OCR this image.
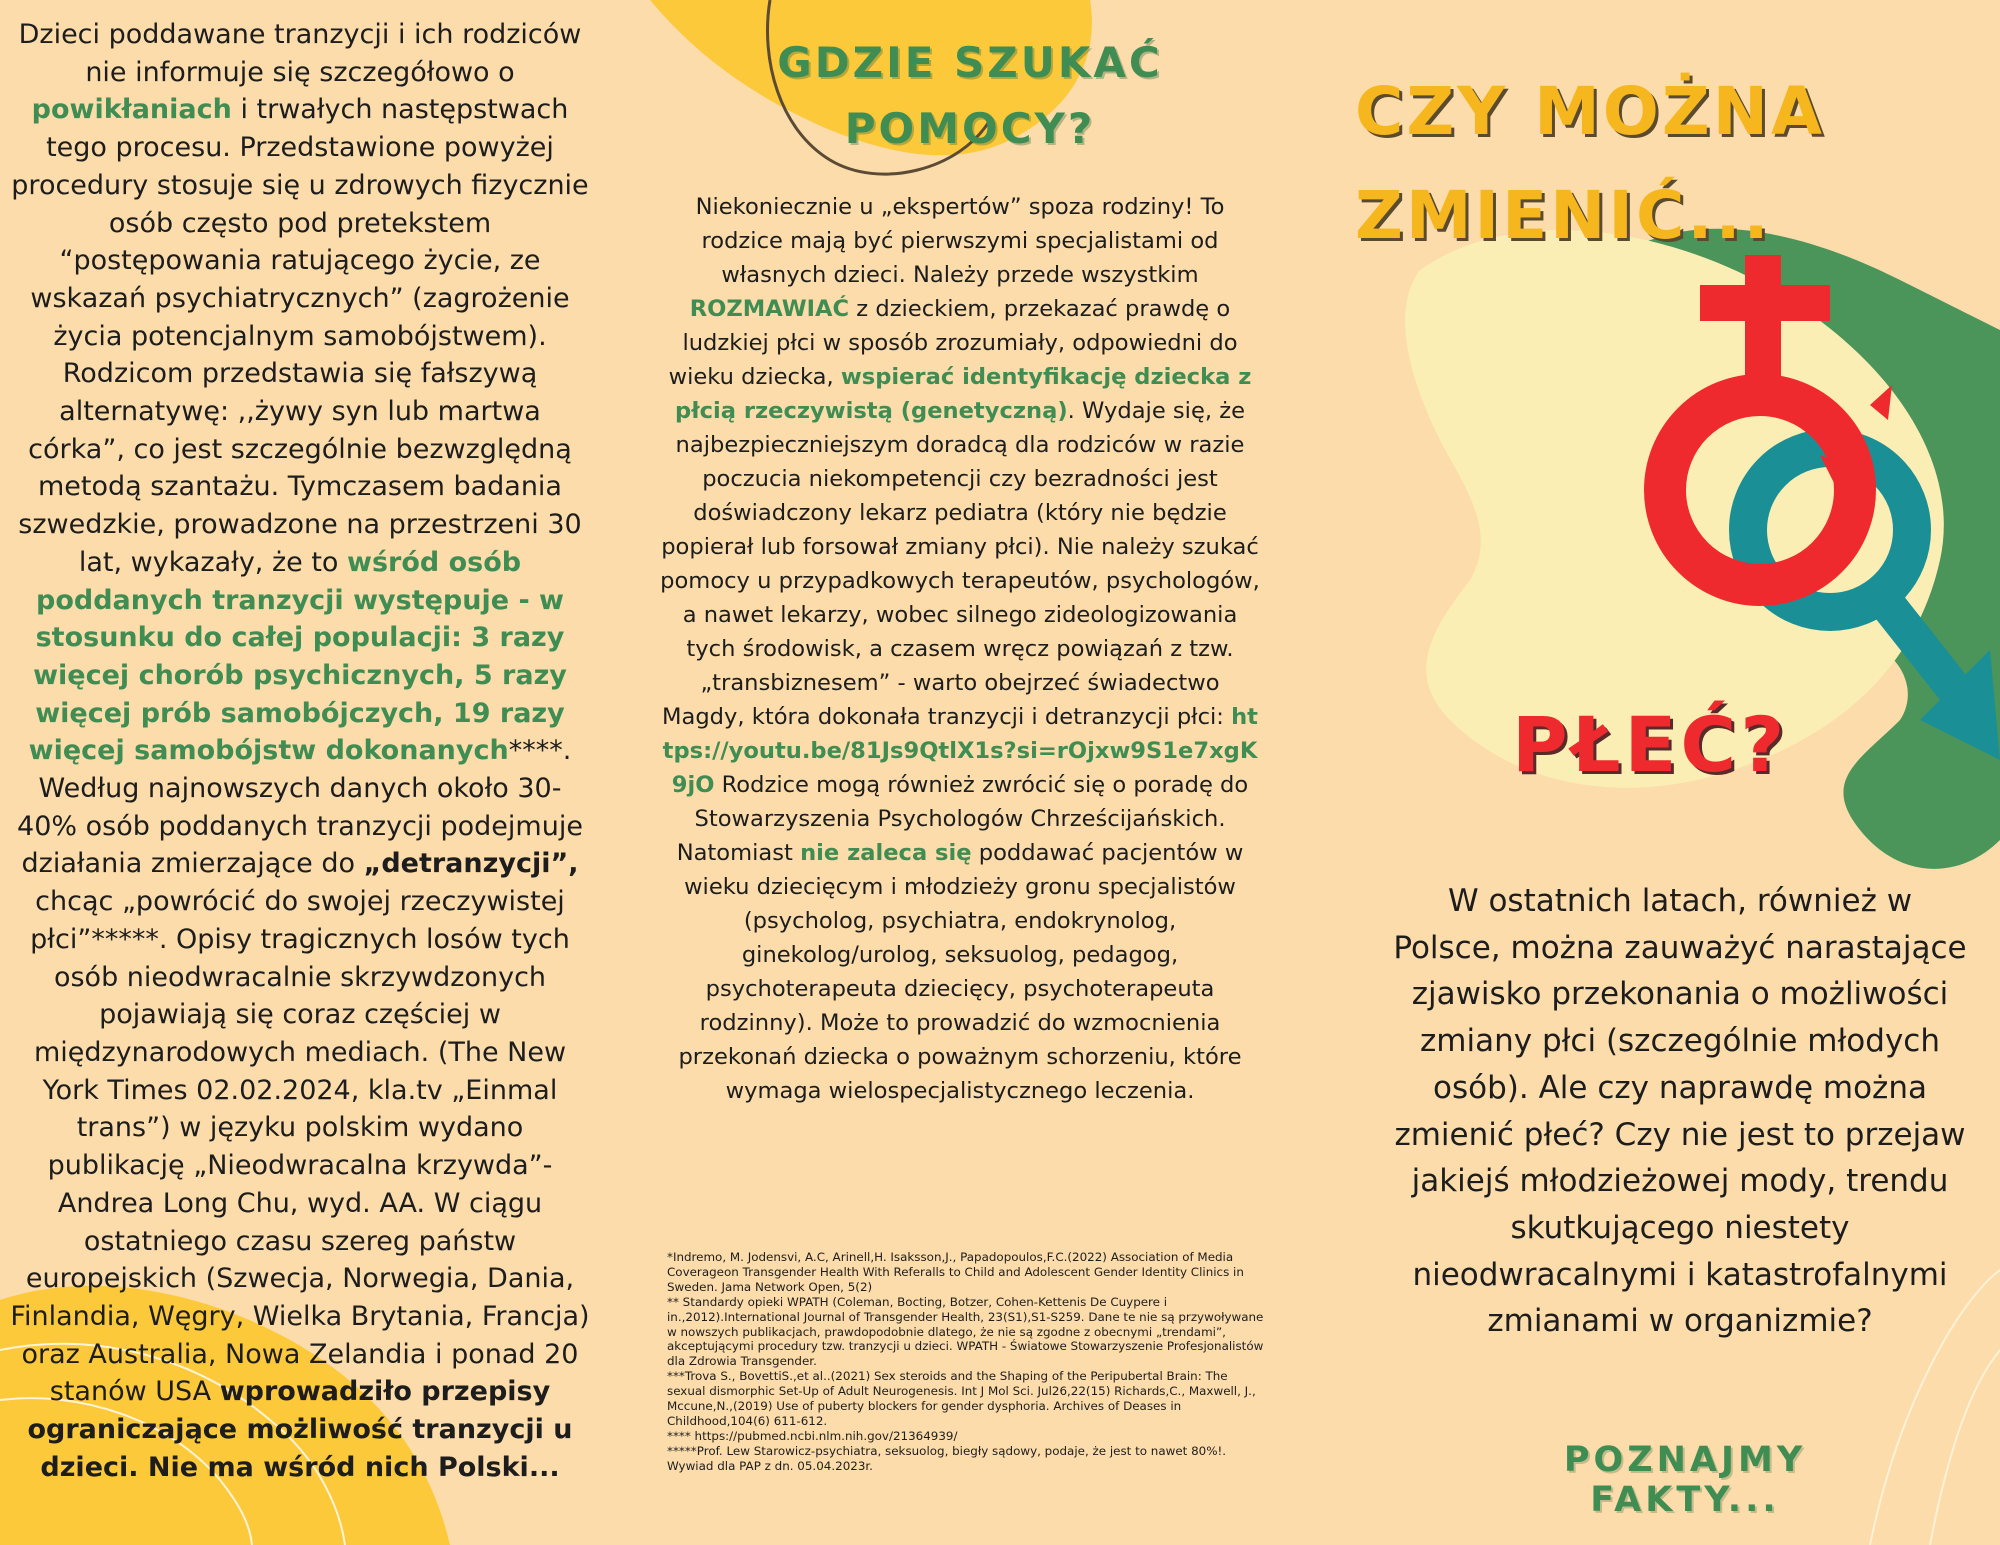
Dzieci poddawane tranzycji i ich rodziców nie informuje się szczegółowo o powikłaniach i trwałych następstwach tego procesu. Przedstawione powyżej procedury stosuje się u zdrowych fizycznie osób często pod pretekstem “postępowania ratującego życie, ze wskazań psychiatrycznych” (zagrożenie życia potencjalnym samobójstwem). Rodzicom przedstawia się fałszywą alternatywę: ,,żywy syn lub martwa córka”, co jest szczególnie bezwzględną metodą szantażu. Tymczasem badania szwedzkie, prowadzone na przestrzeni 30 lat, wykazały, że to wśród osób poddanych tranzycji występuje - w stosunku do całej populacji: 3 razy więcej chorób psychicznych, 5 razy więcej prób samobójczych, 19 razy więcej samobójstw dokonanych****. Według najnowszych danych około 30-40% osób poddanych tranzycji podejmuje działania zmierzające do „detranzycji”, chcąc „powrócić do swojej rzeczywistej płci”*****. Opisy tragicznych losów tych osób nieodwracalnie skrzywdzonych pojawiają się coraz częściej w międzynarodowych mediach. (The New York Times 02.02.2024, kla.tv „Einmal trans”) w języku polskim wydano publikację „Nieodwracalna krzywda”- Andrea Long Chu, wyd. AA. W ciągu ostatniego czasu szereg państw europejskich (Szwecja, Norwegia, Dania, Finlandia, Węgry, Wielka Brytania, Francja) oraz Australia, Nowa Zelandia i ponad 20 stanów USA wprowadziło przepisy ograniczające możliwość tranzycji u dzieci. Nie ma wśród nich Polski...

GDZIE SZUKAĆ POMOCY?

Niekoniecznie u „ekspertów” spoza rodziny! To rodzice mają być pierwszymi specjalistami od własnych dzieci. Należy przede wszystkim ROZMAWIAĆ z dzieckiem, przekazać prawdę o ludzkiej płci w sposób zrozumiały, odpowiedni do wieku dziecka, wspierać identyfikację dziecka z płcią rzeczywistą (genetyczną). Wydaje się, że najbezpieczniejszym doradcą dla rodziców w razie poczucia niekompetencji czy bezradności jest doświadczony lekarz pediatra (który nie będzie popierał lub forsował zmiany płci). Nie należy szukać pomocy u przypadkowych terapeutów, psychologów, a nawet lekarzy, wobec silnego zideologizowania tych środowisk, a czasem wręcz powiązań z tzw. „transbiznesem” - warto obejrzeć świadectwo Magdy, która dokonała tranzycji i detranzycji płci: https://youtu.be/81Js9QtlX1s?si=rOjxw9S1e7xgK9jO Rodzice mogą również zwrócić się o poradę do Stowarzyszenia Psychologów Chrześcijańskich. Natomiast nie zaleca się poddawać pacjentów w wieku dziecięcym i młodzieży gronu specjalistów (psycholog, psychiatra, endokrynolog, ginekolog/urolog, seksuolog, pedagog, psychoterapeuta dziecięcy, psychoterapeuta rodzinny). Może to prowadzić do wzmocnienia przekonań dziecka o poważnym schorzeniu, które wymaga wielospecjalistycznego leczenia.

*Indremo, M. Jodensvi, A.C, Arinell,H. Isaksson,J., Papadopoulos,F.C.(2022) Association of Media Coverageon Transgender Health With Referalls to Child and Adolescent Gender Identity Clinics in Sweden. Jama Network Open, 5(2)

** Standardy opieki WPATH (Coleman, Bocting, Botzer, Cohen-Kettenis De Cuypere i in.,2012).International Journal of Transgender Health, 23(S1),S1-S259. Dane te nie są przywoływane w nowszych publikacjach, prawdopodobnie dlatego, że nie są zgodne z obecnymi „trendami”, akceptującymi procedury tzw. tranzycji u dzieci. WPATH - Światowe Stowarzyszenie Profesjonalistów dla Zdrowia Transgender.

***Trova S., BovettiS.,et al..(2021) Sex steroids and the Shaping of the Peripubertal Brain: The sexual dismorphic Set-Up of Adult Neurogenesis. Int J Mol Sci. Jul26,22(15) Richards,C., Maxwell, J., Mccune,N.,(2019) Use of puberty blockers for gender dysphoria. Archives of Deases in Childhood,104(6) 611-612.

**** https://pubmed.ncbi.nlm.nih.gov/21364939/

*****Prof. Lew Starowicz-psychiatra, seksuolog, biegły sądowy, podaje, że jest to nawet 80%!. Wywiad dla PAP z dn. 05.04.2023r.

CZY MOŻNA
ZMIENIĆ...
PŁEĆ?

W ostatnich latach, również w Polsce, można zauważyć narastające zjawisko przekonania o możliwości zmiany płci (szczególnie młodych osób). Ale czy naprawdę można zmienić płeć? Czy nie jest to przejaw jakiejś młodzieżowej mody, trendu skutkującego niestety nieodwracalnymi i katastrofalnymi zmianami w organizmie?

POZNAJMY FAKTY...
